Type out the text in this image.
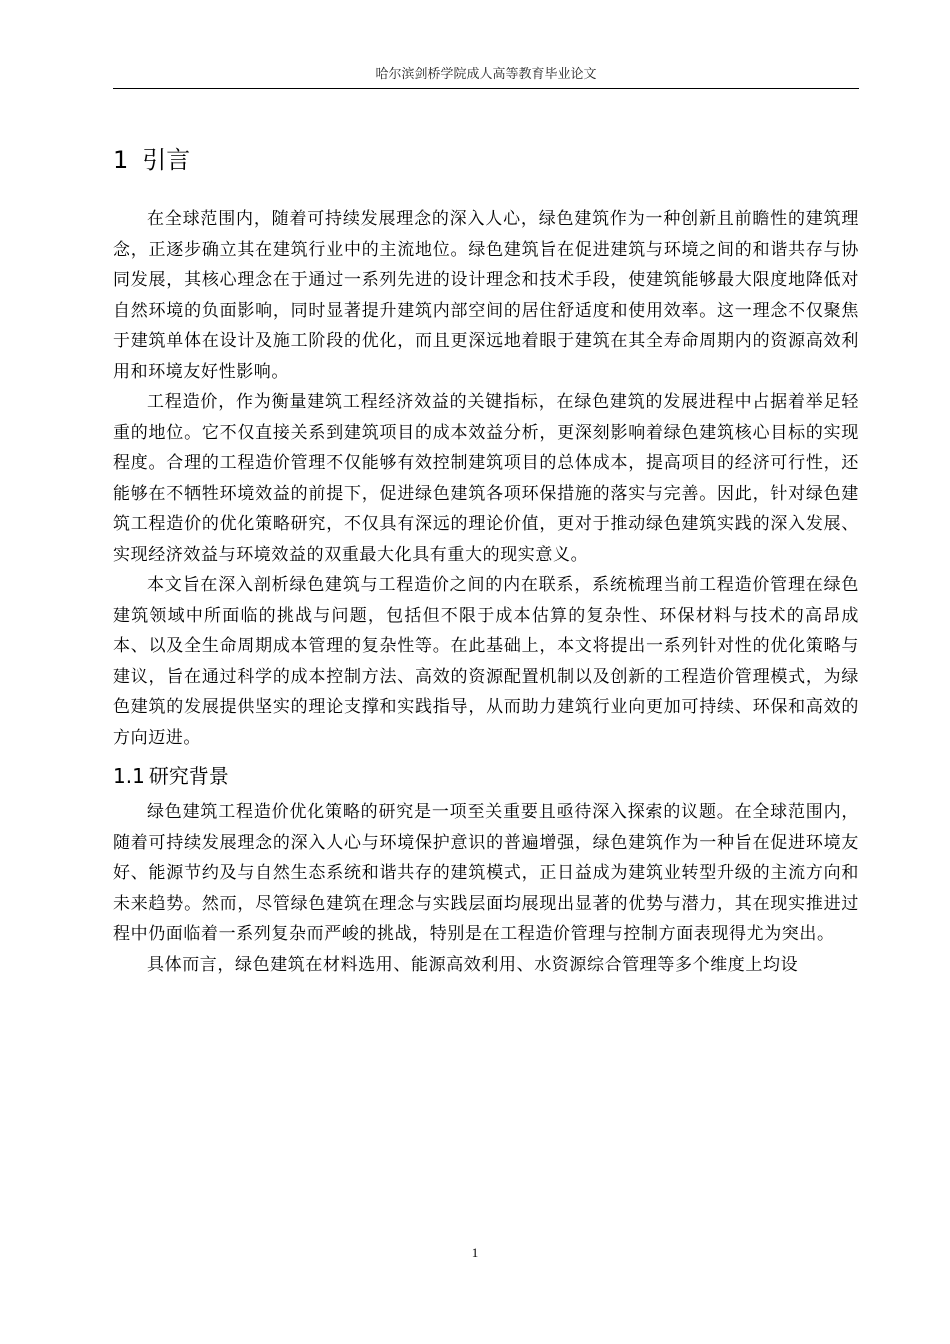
哈尔滨剑桥学院成人高等教育毕业论文
1 引言

在全球范围内，随着可持续发展理念的深入人心，绿色建筑作为一种创新且前瞻性的建筑理念，正逐步确立其在建筑行业中的主流地位。绿色建筑旨在促进建筑与环境之间的和谐共存与协同发展，其核心理念在于通过一系列先进的设计理念和技术手段，使建筑能够最大限度地降低对自然环境的负面影响，同时显著提升建筑内部空间的居住舒适度和使用效率。这一理念不仅聚焦于建筑单体在设计及施工阶段的优化，而且更深远地着眼于建筑在其全寿命周期内的资源高效利用和环境友好性影响。

工程造价，作为衡量建筑工程经济效益的关键指标，在绿色建筑的发展进程中占据着举足轻重的地位。它不仅直接关系到建筑项目的成本效益分析，更深刻影响着绿色建筑核心目标的实现程度。合理的工程造价管理不仅能够有效控制建筑项目的总体成本，提高项目的经济可行性，还能够在不牺牲环境效益的前提下，促进绿色建筑各项环保措施的落实与完善。因此，针对绿色建筑工程造价的优化策略研究，不仅具有深远的理论价值，更对于推动绿色建筑实践的深入发展、实现经济效益与环境效益的双重最大化具有重大的现实意义。

本文旨在深入剖析绿色建筑与工程造价之间的内在联系，系统梳理当前工程造价管理在绿色建筑领域中所面临的挑战与问题，包括但不限于成本估算的复杂性、环保材料与技术的高昂成本、以及全生命周期成本管理的复杂性等。在此基础上，本文将提出一系列针对性的优化策略与建议，旨在通过科学的成本控制方法、高效的资源配置机制以及创新的工程造价管理模式，为绿色建筑的发展提供坚实的理论支撑和实践指导，从而助力建筑行业向更加可持续、环保和高效的方向迈进。

1.1 研究背景

绿色建筑工程造价优化策略的研究是一项至关重要且亟待深入探索的议题。在全球范围内，随着可持续发展理念的深入人心与环境保护意识的普遍增强，绿色建筑作为一种旨在促进环境友好、能源节约及与自然生态系统和谐共存的建筑模式，正日益成为建筑业转型升级的主流方向和未来趋势。然而，尽管绿色建筑在理念与实践层面均展现出显著的优势与潜力，其在现实推进过程中仍面临着一系列复杂而严峻的挑战，特别是在工程造价管理与控制方面表现得尤为突出。

具体而言，绿色建筑在材料选用、能源高效利用、水资源综合管理等多个维度上均设

1
